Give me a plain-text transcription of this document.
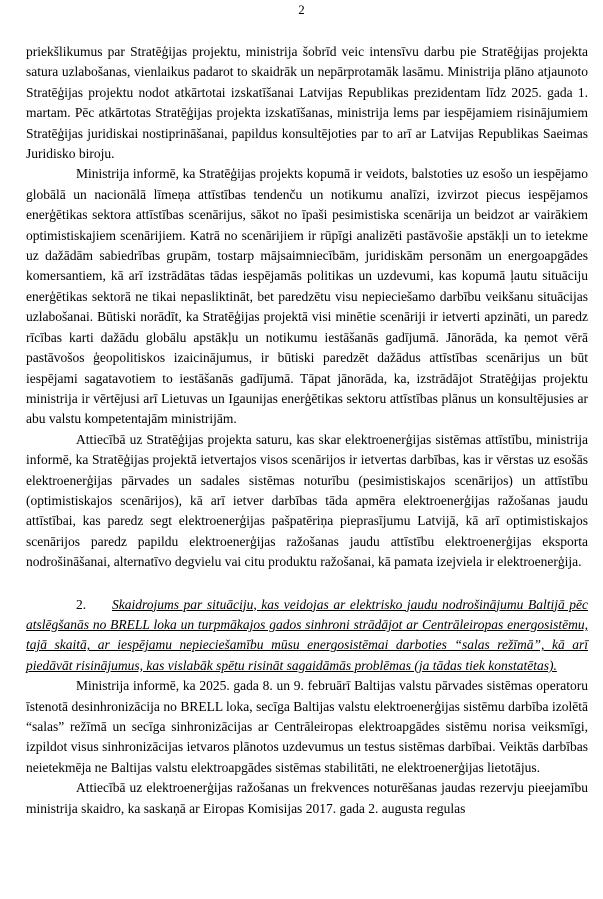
2

priekšlikumus par Stratēģijas projektu, ministrija šobrīd veic intensīvu darbu pie Stratēģijas projekta satura uzlabošanas, vienlaikus padarot to skaidrāk un nepārprotamāk lasāmu. Ministrija plāno atjaunoto Stratēģijas projektu nodot atkārtotai izskatīšanai Latvijas Republikas prezidentam līdz 2025. gada 1. martam. Pēc atkārtotas Stratēģijas projekta izskatīšanas, ministrija lems par iespējamiem risinājumiem Stratēģijas juridiskai nostiprināšanai, papildus konsultējoties par to arī ar Latvijas Republikas Saeimas Juridisko biroju.

Ministrija informē, ka Stratēģijas projekts kopumā ir veidots, balstoties uz esošo un iespējamo globālā un nacionālā līmeņa attīstības tendenču un notikumu analīzi, izvirzot piecus iespējamos enerģētikas sektora attīstības scenārijus, sākot no īpaši pesimistiska scenārija un beidzot ar vairākiem optimistiskajiem scenārijiem. Katrā no scenārijiem ir rūpīgi analizēti pastāvošie apstākļi un to ietekme uz dažādām sabiedrības grupām, tostarp mājsaimniecībām, juridiskām personām un energoapgādes komersantiem, kā arī izstrādātas tādas iespējamās politikas un uzdevumi, kas kopumā ļautu situāciju enerģētikas sektorā ne tikai nepasliktināt, bet paredzētu visu nepieciešamo darbību veikšanu situācijas uzlabošanai. Būtiski norādīt, ka Stratēģijas projektā visi minētie scenāriji ir ietverti apzināti, un paredz rīcības karti dažādu globālu apstākļu un notikumu iestāšanās gadījumā. Jānorāda, ka ņemot vērā pastāvošos ģeopolitiskos izaicinājumus, ir būtiski paredzēt dažādus attīstības scenārijus un būt iespējami sagatavotiem to iestāšanās gadījumā. Tāpat jānorāda, ka, izstrādājot Stratēģijas projektu ministrija ir vērtējusi arī Lietuvas un Igaunijas enerģētikas sektoru attīstības plānus un konsultējusies ar abu valstu kompetentajām ministrijām.

Attiecībā uz Stratēģijas projekta saturu, kas skar elektroenerģijas sistēmas attīstību, ministrija informē, ka Stratēģijas projektā ietvertajos visos scenārijos ir ietvertas darbības, kas ir vērstas uz esošās elektroenerģijas pārvades un sadales sistēmas noturību (pesimistiskajos scenārijos) un attīstību (optimistiskajos scenārijos), kā arī ietver darbības tāda apmēra elektroenerģijas ražošanas jaudu attīstībai, kas paredz segt elektroenerģijas pašpatēriņa pieprasījumu Latvijā, kā arī optimistiskajos scenārijos paredz papildu elektroenerģijas ražošanas jaudu attīstību elektroenerģijas eksporta nodrošināšanai, alternatīvo degvielu vai citu produktu ražošanai, kā pamata izejviela ir elektroenerģija.

2. Skaidrojums par situāciju, kas veidojas ar elektrisko jaudu nodrošinājumu Baltijā pēc atslēgšanās no BRELL loka un turpmākajos gados sinhroni strādājot ar Centrāleiropas energosistēmu, tajā skaitā, ar iespējamu nepieciešamību mūsu energosistēmai darboties “salas režīmā”, kā arī piedāvāt risinājumus, kas vislabāk spētu risināt sagaidāmās problēmas (ja tādas tiek konstatētas).

Ministrija informē, ka 2025. gada 8. un 9. februārī Baltijas valstu pārvades sistēmas operatoru īstenotā desinhronizācija no BRELL loka, secīga Baltijas valstu elektroenerģijas sistēmu darbība izolētā “salas” režīmā un secīga sinhronizācijas ar Centrāleiropas elektroapgādes sistēmu norisa veiksmīgi, izpildot visus sinhronizācijas ietvaros plānotos uzdevumus un testus sistēmas darbībai. Veiktās darbības neietekmēja ne Baltijas valstu elektroapgādes sistēmas stabilitāti, ne elektroenerģijas lietotājus.

Attiecībā uz elektroenerģijas ražošanas un frekvences noturēšanas jaudas rezervju pieejamību ministrija skaidro, ka saskaņā ar Eiropas Komisijas 2017. gada 2. augusta regulas
